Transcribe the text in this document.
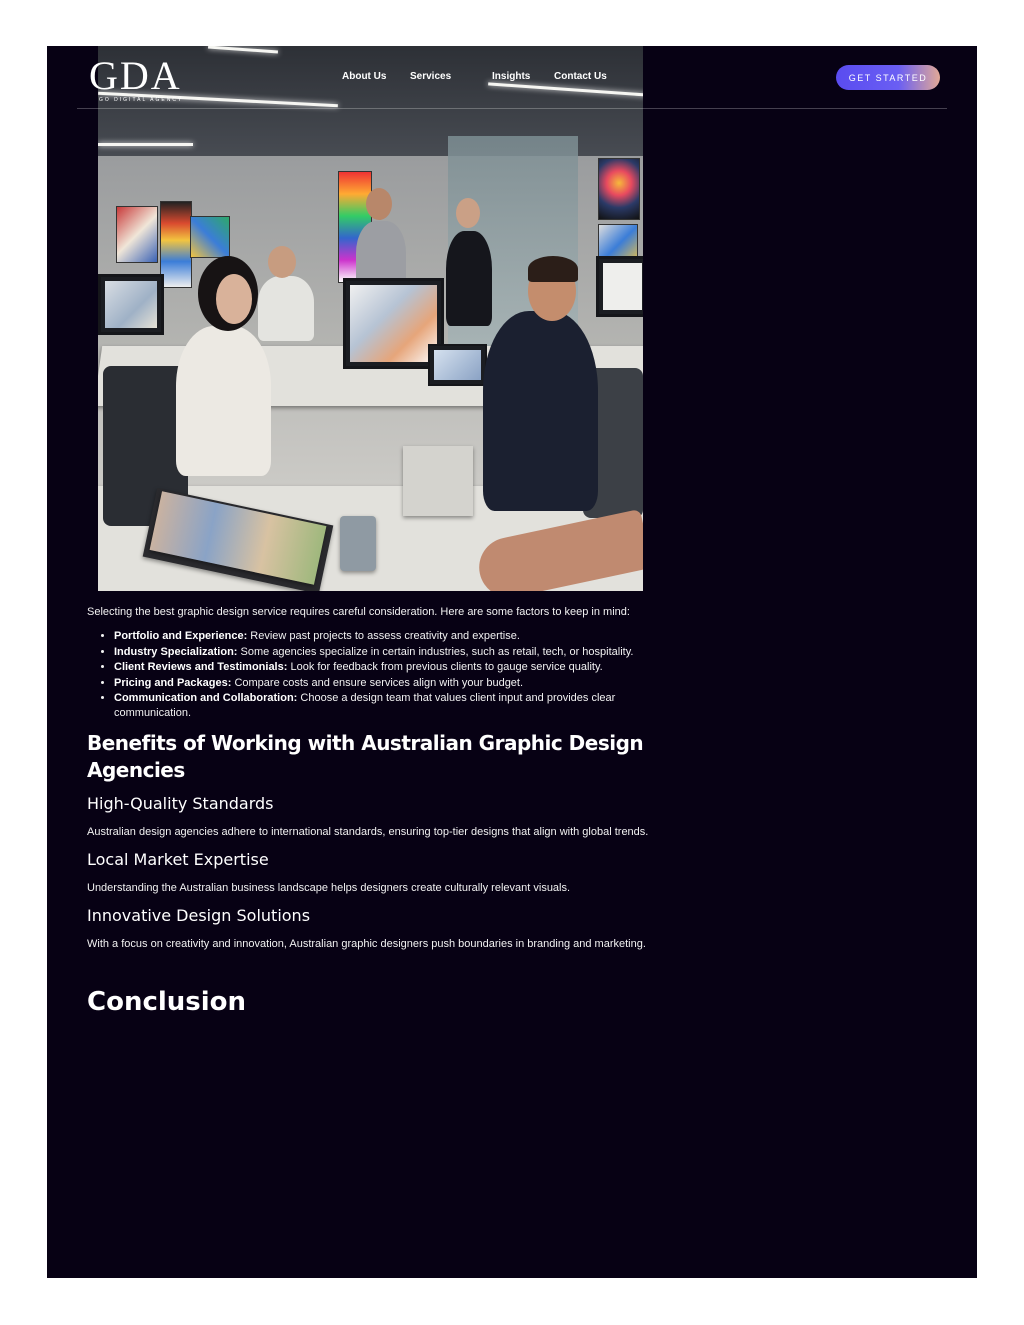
GDA
GO DIGITAL AGENCY
About Us Services	Insights Contact Us	GET STARTED

Selecting the best graphic design service requires careful consideration. Here are some factors to keep in mind:

• Portfolio and Experience: Review past projects to assess creativity and expertise.
• Industry Specialization: Some agencies specialize in certain industries, such as retail, tech, or hospitality.
• Client Reviews and Testimonials: Look for feedback from previous clients to gauge service quality.
• Pricing and Packages: Compare costs and ensure services align with your budget.
• Communication and Collaboration: Choose a design team that values client input and provides clear communication.
Benefits of Working with Australian Graphic Design Agencies
High-Quality Standards

Australian design agencies adhere to international standards, ensuring top-tier designs that align with global trends.

Local Market Expertise

Understanding the Australian business landscape helps designers create culturally relevant visuals.

Innovative Design Solutions

With a focus on creativity and innovation, Australian graphic designers push boundaries in branding and marketing.

Conclusion
